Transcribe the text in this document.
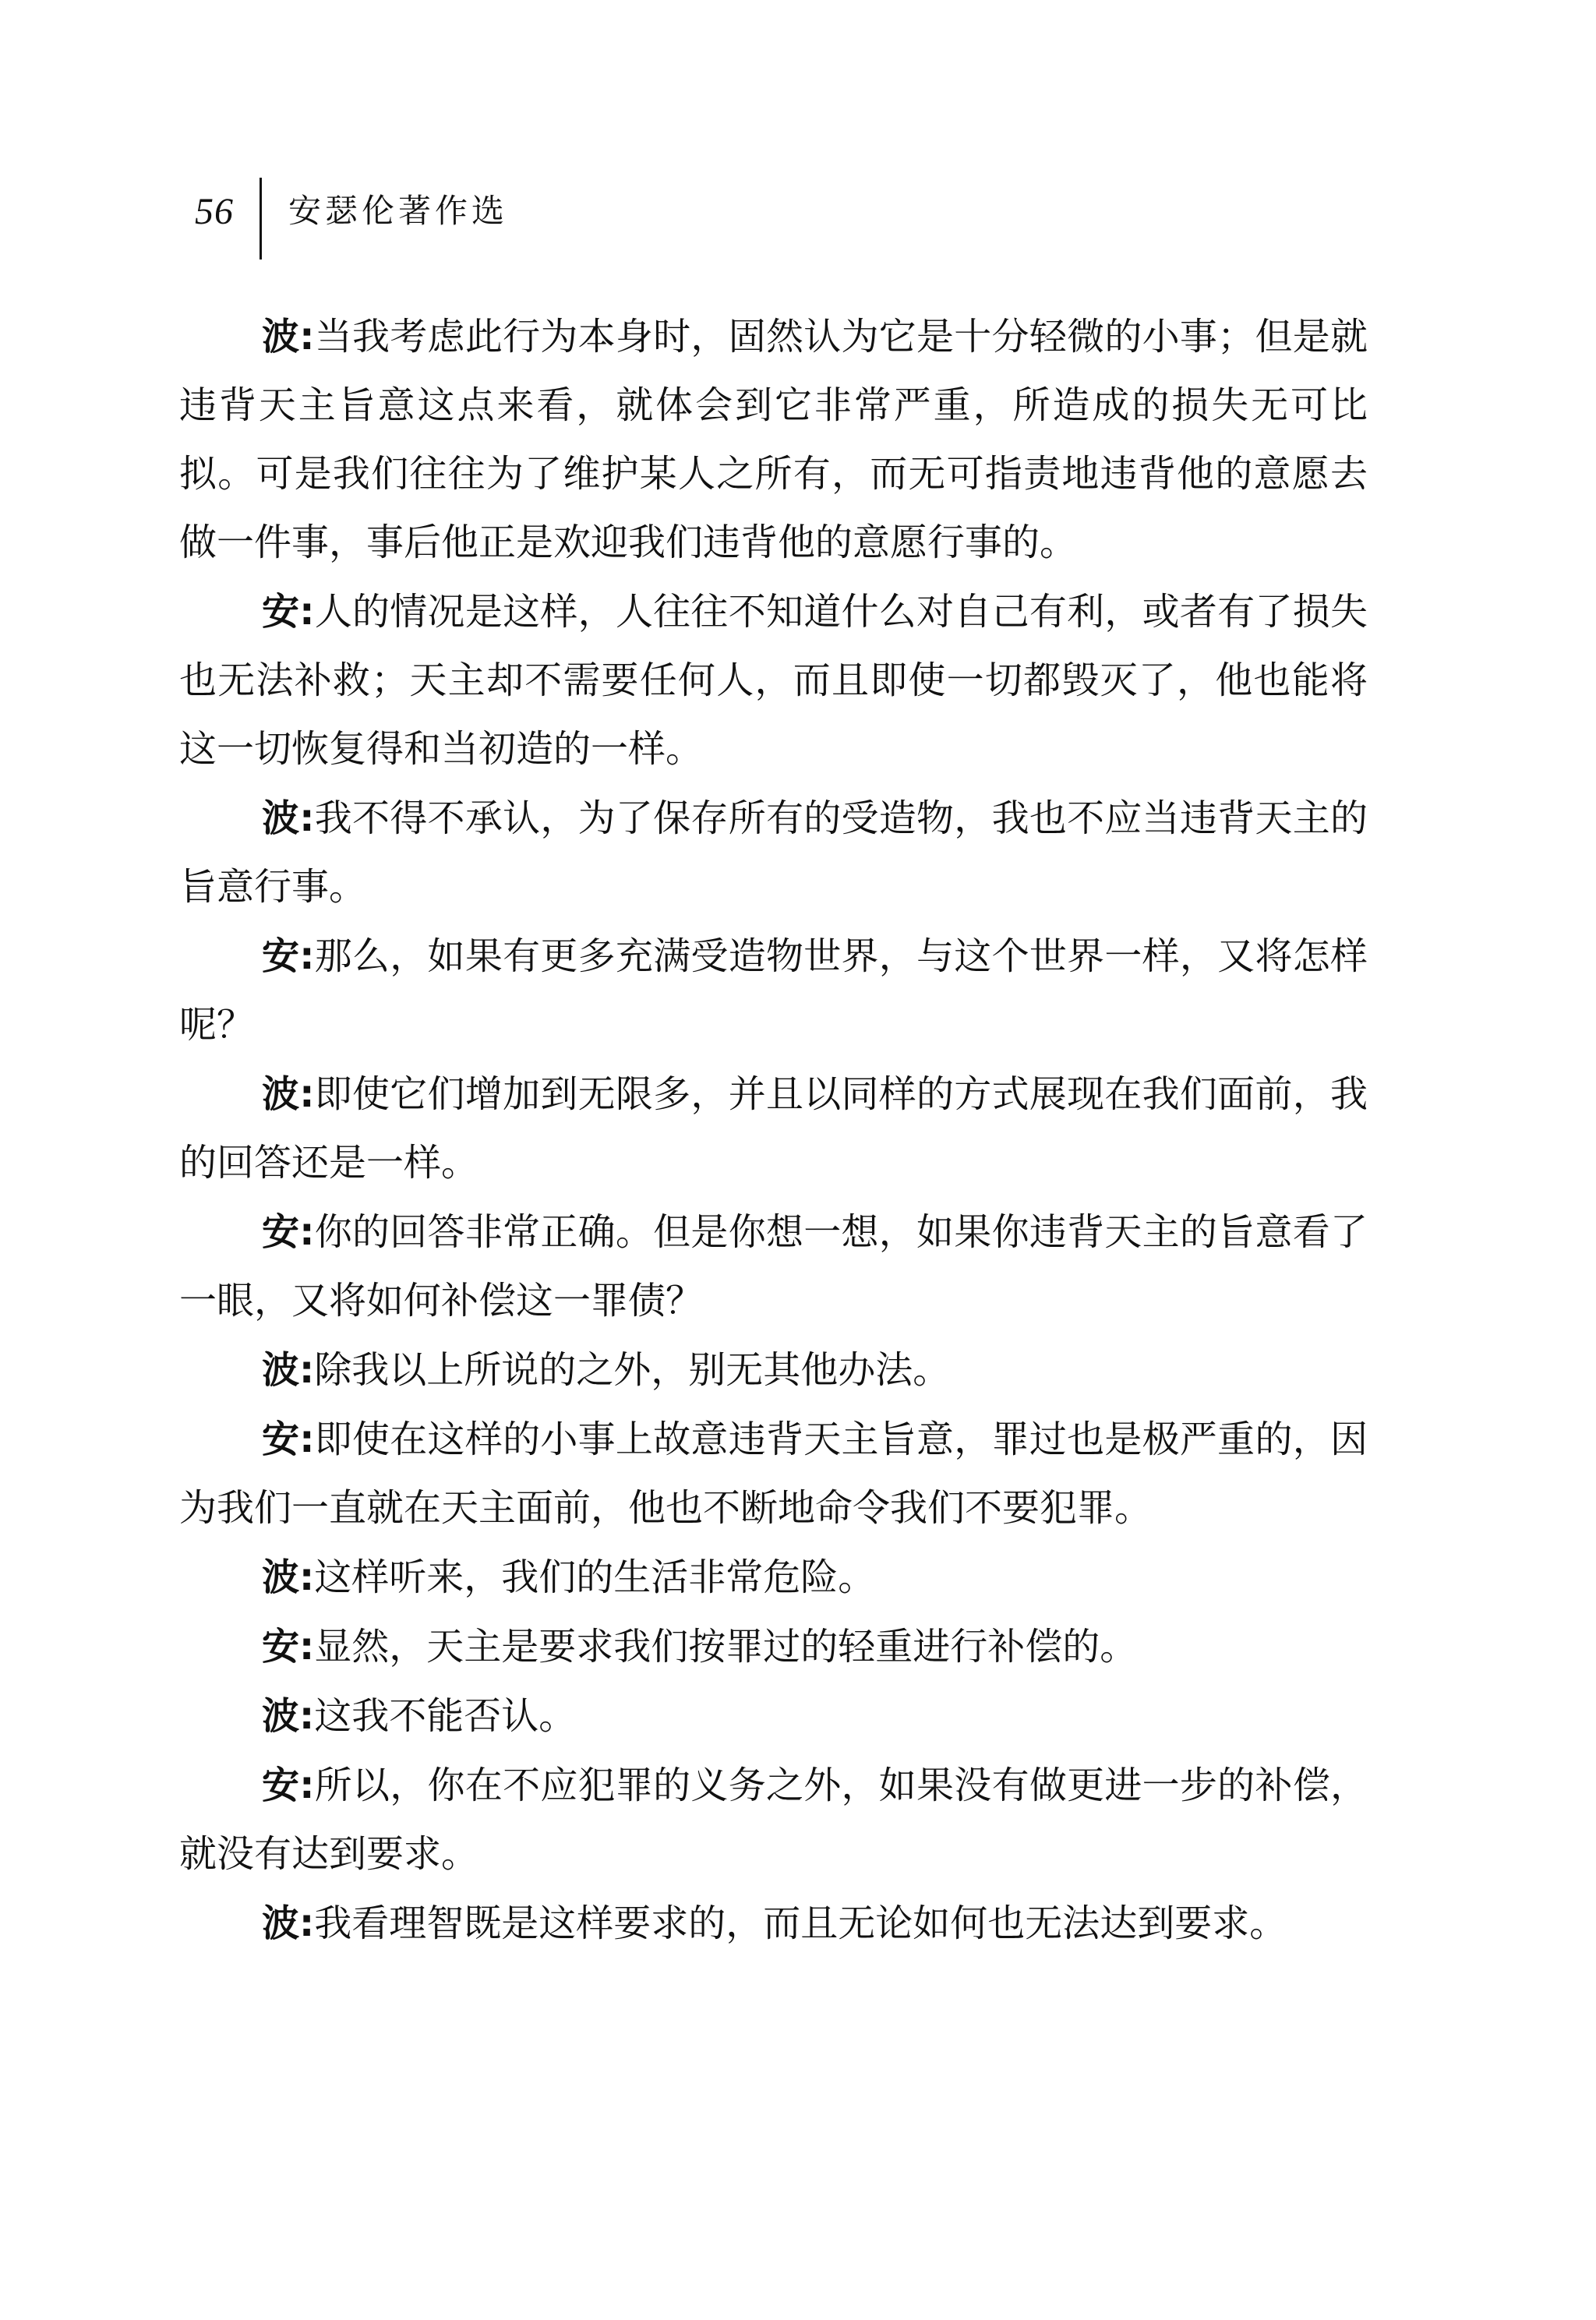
56 安瑟伦著作选

波:当我考虑此行为本身时，固然认为它是十分轻微的小事；但是就违背天主旨意这点来看，就体会到它非常严重，所造成的损失无可比拟。可是我们往往为了维护某人之所有，而无可指责地违背他的意愿去做一件事，事后他正是欢迎我们违背他的意愿行事的。

安:人的情况是这样，人往往不知道什么对自己有利，或者有了损失也无法补救；天主却不需要任何人，而且即使一切都毁灭了，他也能将这一切恢复得和当初造的一样。

波:我不得不承认，为了保存所有的受造物，我也不应当违背天主的旨意行事。

安:那么，如果有更多充满受造物世界，与这个世界一样，又将怎样呢？

波:即使它们增加到无限多，并且以同样的方式展现在我们面前，我的回答还是一样。

安:你的回答非常正确。但是你想一想，如果你违背天主的旨意看了一眼，又将如何补偿这一罪债？

波:除我以上所说的之外，别无其他办法。

安:即使在这样的小事上故意违背天主旨意，罪过也是极严重的，因为我们一直就在天主面前，他也不断地命令我们不要犯罪。

波:这样听来，我们的生活非常危险。

安:显然，天主是要求我们按罪过的轻重进行补偿的。

波:这我不能否认。

安:所以，你在不应犯罪的义务之外，如果没有做更进一步的补偿，就没有达到要求。

波:我看理智既是这样要求的，而且无论如何也无法达到要求。
